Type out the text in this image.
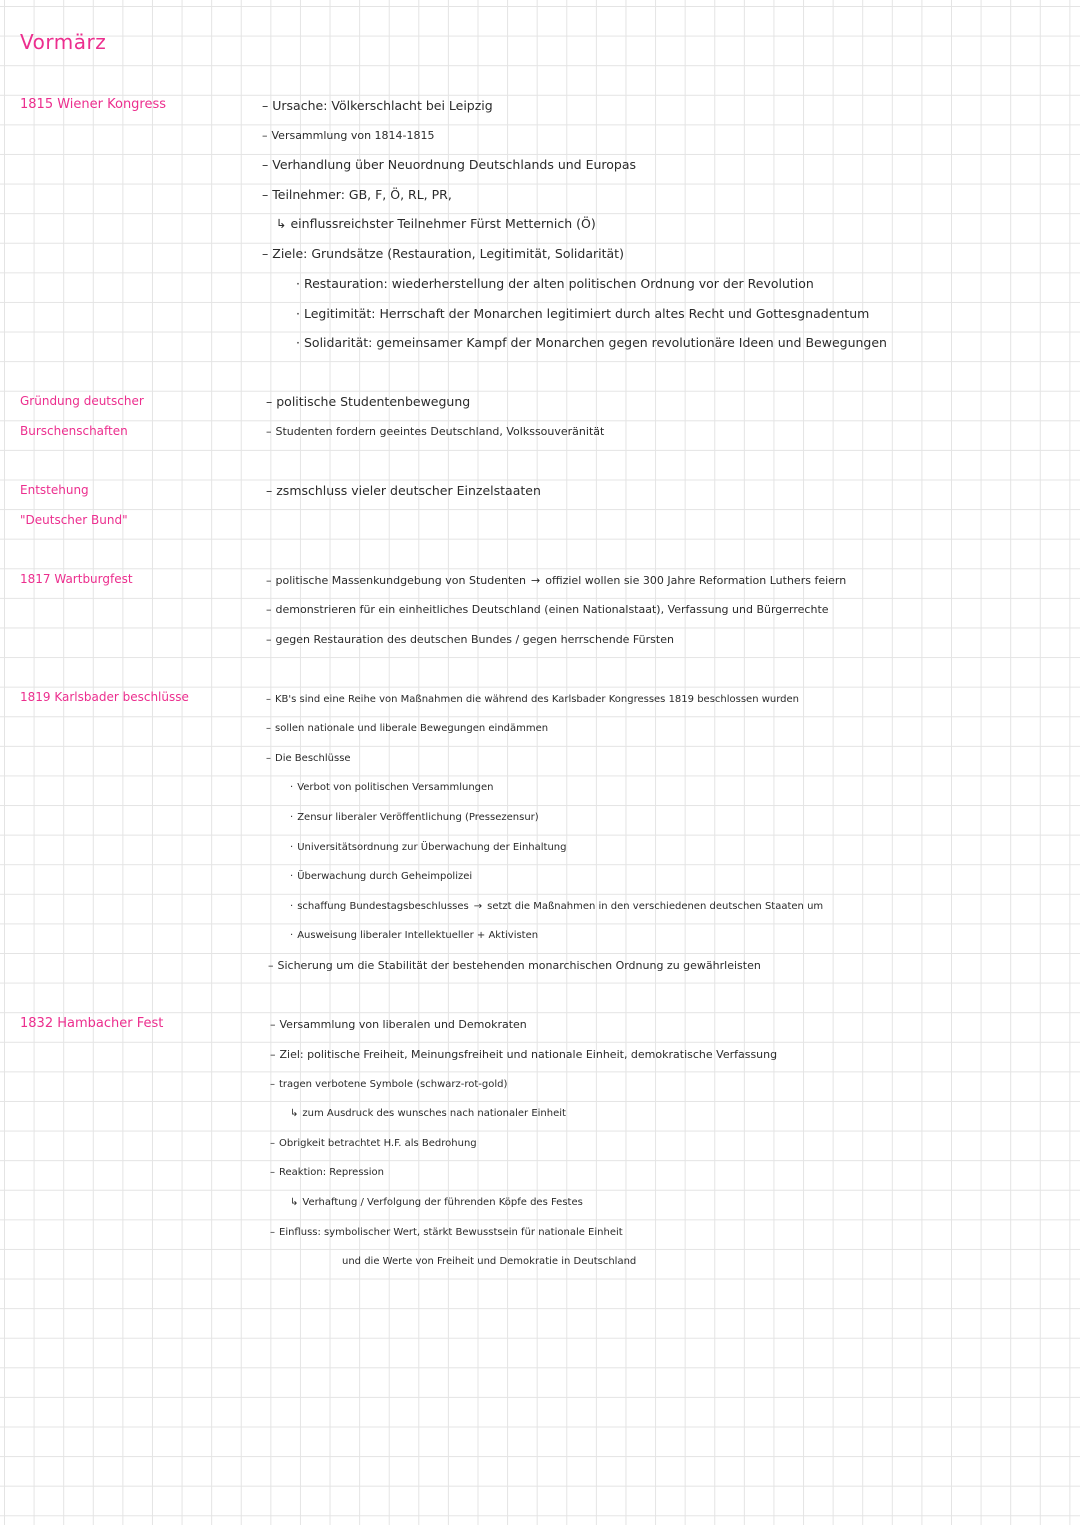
Vormärz
1815 Wiener Kongress
Gründung deutscher
Burschenschaften
Entstehung
"Deutscher Bund"
1817 Wartburgfest
1819 Karlsbader beschlüsse
1832 Hambacher Fest
– Ursache: Völkerschlacht bei Leipzig
– Versammlung von 1814-1815
– Verhandlung über Neuordnung Deutschlands und Europas
– Teilnehmer: GB, F, Ö, RL, PR,
↳ einflussreichster Teilnehmer Fürst Metternich (Ö)
– Ziele: Grundsätze (Restauration, Legitimität, Solidarität)
· Restauration: wiederherstellung der alten politischen Ordnung vor der Revolution
· Legitimität: Herrschaft der Monarchen legitimiert durch altes Recht und Gottesgnadentum
· Solidarität: gemeinsamer Kampf der Monarchen gegen revolutionäre Ideen und Bewegungen
– politische Studentenbewegung
– Studenten fordern geeintes Deutschland, Volkssouveränität
– zsmschluss vieler deutscher Einzelstaaten
– politische Massenkundgebung von Studenten → offiziel wollen sie 300 Jahre Reformation Luthers feiern
– demonstrieren für ein einheitliches Deutschland (einen Nationalstaat), Verfassung und Bürgerrechte
– gegen Restauration des deutschen Bundes / gegen herrschende Fürsten
– KB's sind eine Reihe von Maßnahmen die während des Karlsbader Kongresses 1819 beschlossen wurden
– sollen nationale und liberale Bewegungen eindämmen
– Die Beschlüsse
· Verbot von politischen Versammlungen
· Zensur liberaler Veröffentlichung (Pressezensur)
· Universitätsordnung zur Überwachung der Einhaltung
· Überwachung durch Geheimpolizei
· schaffung Bundestagsbeschlusses → setzt die Maßnahmen in den verschiedenen deutschen Staaten um
· Ausweisung liberaler Intellektueller + Aktivisten
– Sicherung um die Stabilität der bestehenden monarchischen Ordnung zu gewährleisten
– Versammlung von liberalen und Demokraten
– Ziel: politische Freiheit, Meinungsfreiheit und nationale Einheit, demokratische Verfassung
– tragen verbotene Symbole (schwarz-rot-gold)
↳ zum Ausdruck des wunsches nach nationaler Einheit
– Obrigkeit betrachtet H.F. als Bedrohung
– Reaktion: Repression
↳ Verhaftung / Verfolgung der führenden Köpfe des Festes
– Einfluss: symbolischer Wert, stärkt Bewusstsein für nationale Einheit
und die Werte von Freiheit und Demokratie in Deutschland
